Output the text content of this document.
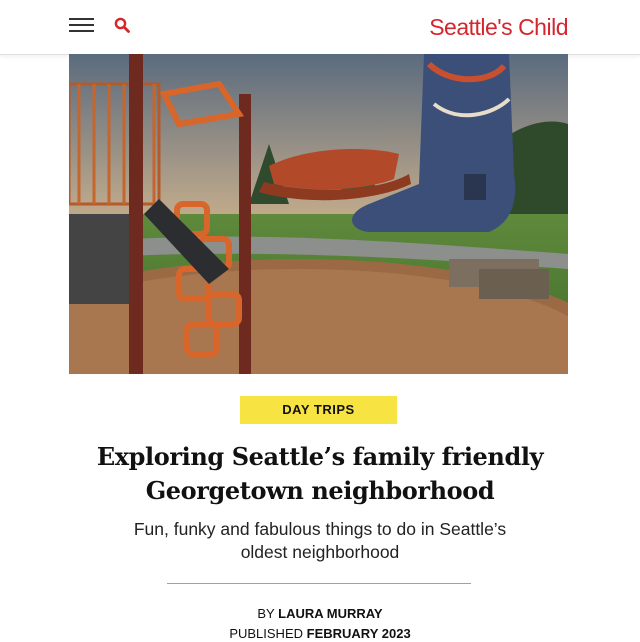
Seattle's Child
DAY TRIPS
Exploring Seattle’s family friendly
Georgetown neighborhood

Fun, funky and fabulous things to do in Seattle’s
oldest neighborhood

BY LAURA MURRAY
PUBLISHED FEBRUARY 2023
